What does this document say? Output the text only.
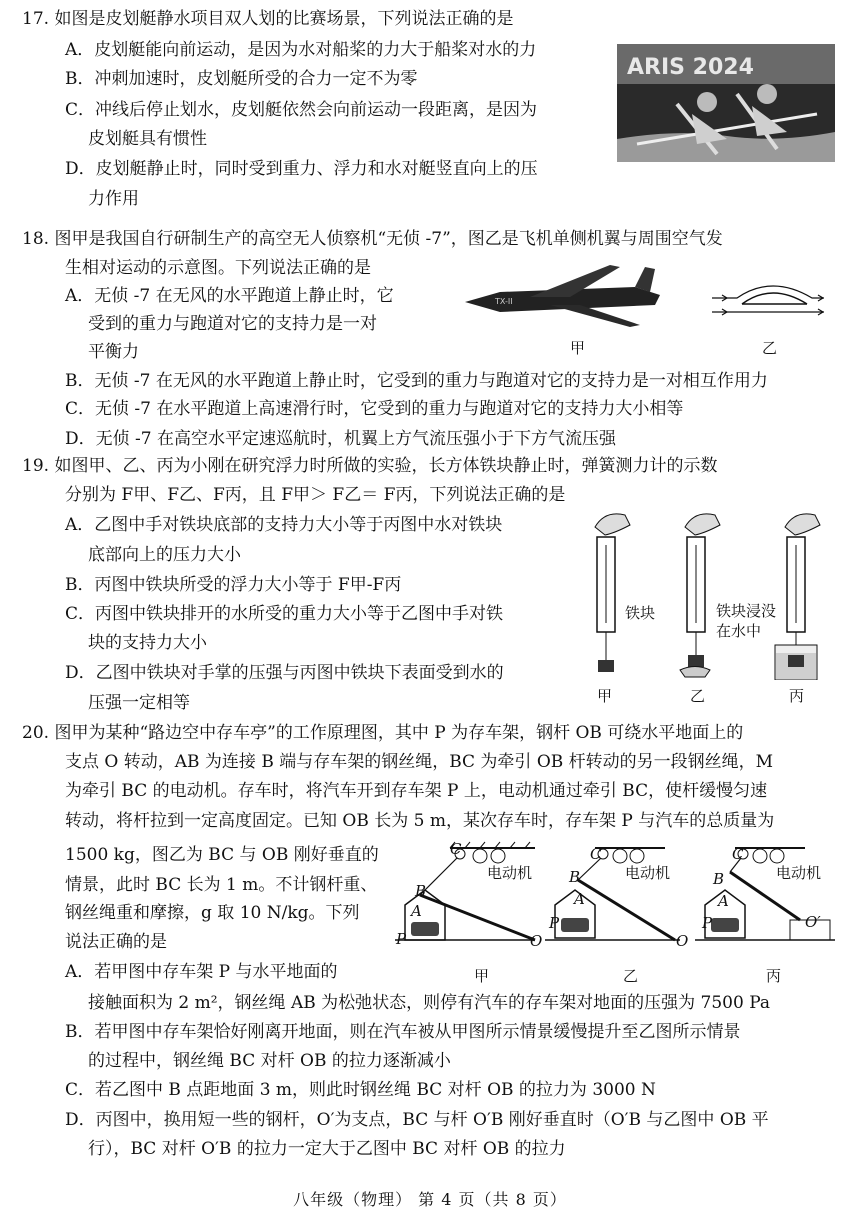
17. 如图是皮划艇静水项目双人划的比赛场景，下列说法正确的是
A．皮划艇能向前运动，是因为水对船桨的力大于船桨对水的力
B．冲刺加速时，皮划艇所受的合力一定不为零
C．冲线后停止划水，皮划艇依然会向前运动一段距离，是因为
皮划艇具有惯性
D．皮划艇静止时，同时受到重力、浮力和水对艇竖直向上的压
力作用
ARIS 2024
18. 图甲是我国自行研制生产的高空无人侦察机“无侦 -7”，图乙是飞机单侧机翼与周围空气发
生相对运动的示意图。下列说法正确的是
A．无侦 -7 在无风的水平跑道上静止时，它
受到的重力与跑道对它的支持力是一对
平衡力
B．无侦 -7 在无风的水平跑道上静止时，它受到的重力与跑道对它的支持力是一对相互作用力
C．无侦 -7 在水平跑道上高速滑行时，它受到的重力与跑道对它的支持力大小相等
D．无侦 -7 在高空水平定速巡航时，机翼上方气流压强小于下方气流压强
TX-II
甲	乙
19. 如图甲、乙、丙为小刚在研究浮力时所做的实验，长方体铁块静止时，弹簧测力计的示数
分别为 F甲、F乙、F丙，且 F甲＞ F乙＝ F丙，下列说法正确的是
A．乙图中手对铁块底部的支持力大小等于丙图中水对铁块
底部向上的压力大小
B．丙图中铁块所受的浮力大小等于 F甲-F丙
C．丙图中铁块排开的水所受的重力大小等于乙图中手对铁
块的支持力大小
D．乙图中铁块对手掌的压强与丙图中铁块下表面受到水的
压强一定相等
铁块	铁块浸没
在水中
甲	乙	丙
20. 图甲为某种“路边空中存车亭”的工作原理图，其中 P 为存车架，钢杆 OB 可绕水平地面上的
支点 O 转动，AB 为连接 B 端与存车架的钢丝绳，BC 为牵引 OB 杆转动的另一段钢丝绳，M
为牵引 BC 的电动机。存车时，将汽车开到存车架 P 上，电动机通过牵引 BC，使杆缓慢匀速
转动，将杆拉到一定高度固定。已知 OB 长为 5 m，某次存车时，存车架 P 与汽车的总质量为
1500 kg，图乙为 BC 与 OB 刚好垂直的
情景，此时 BC 长为 1 m。不计钢杆重、
钢丝绳重和摩擦，g 取 10 N/kg。下列
说法正确的是
A．若甲图中存车架 P 与水平地面的
接触面积为 2 m²，钢丝绳 AB 为松弛状态，则停有汽车的存车架对地面的压强为 7500 Pa
B．若甲图中存车架恰好刚离开地面，则在汽车被从甲图所示情景缓慢提升至乙图所示情景
的过程中，钢丝绳 BC 对杆 OB 的拉力逐渐减小
C．若乙图中 B 点距地面 3 m，则此时钢丝绳 BC 对杆 OB 的拉力为 3000 N
D．丙图中，换用短一些的钢杆，O′为支点，BC 与杆 O′B 刚好垂直时（O′B 与乙图中 OB 平
行），BC 对杆 O′B 的拉力一定大于乙图中 BC 对杆 OB 的拉力
C
B
A
P	O
电动机
C
B
A
P
O
电动机
C
B
A
P	O′
电动机
甲	乙	丙
八年级（物理） 第 4 页（共 8 页）
